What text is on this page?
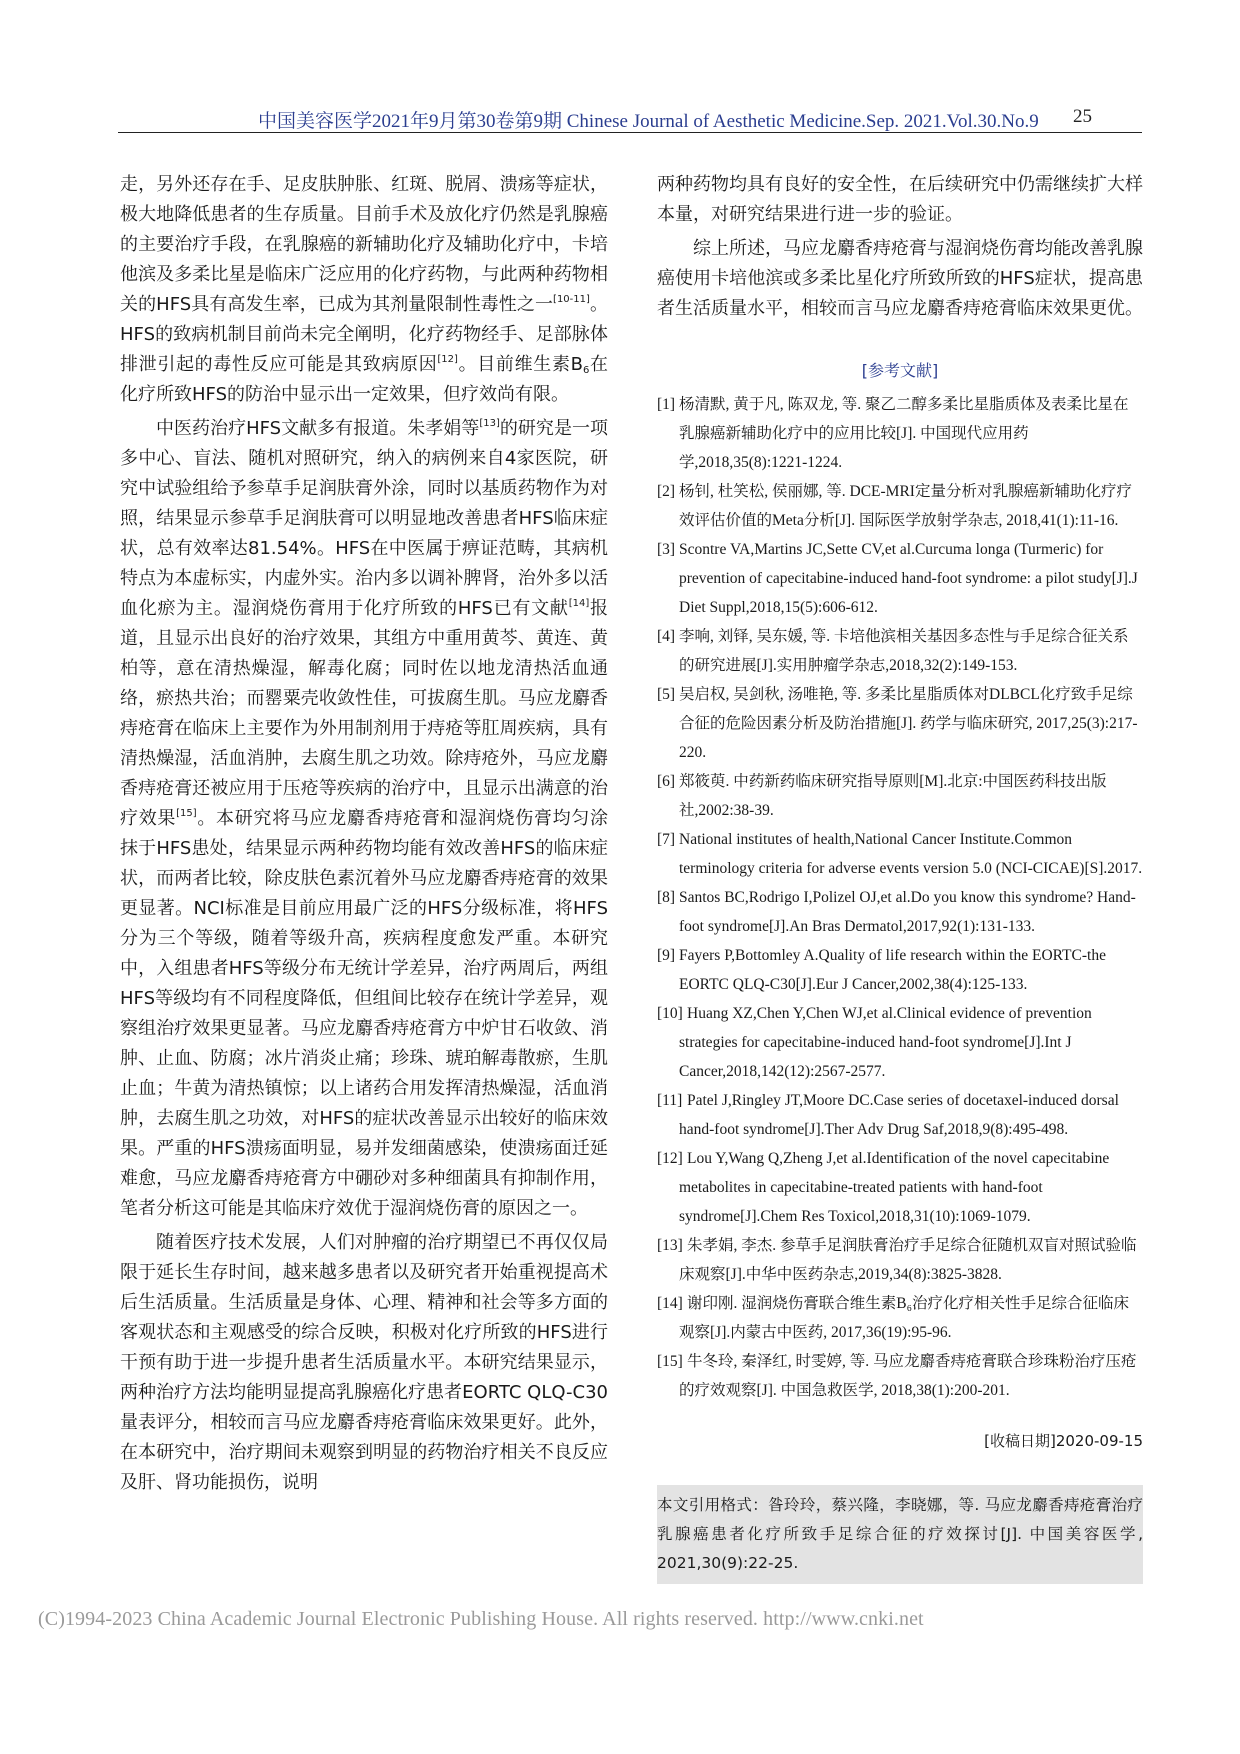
中国美容医学2021年9月第30卷第9期 Chinese Journal of Aesthetic Medicine.Sep. 2021.Vol.30.No.9 25

走，另外还存在手、足皮肤肿胀、红斑、脱屑、溃疡等症状，极大地降低患者的生存质量。目前手术及放化疗仍然是乳腺癌的主要治疗手段，在乳腺癌的新辅助化疗及辅助化疗中，卡培他滨及多柔比星是临床广泛应用的化疗药物，与此两种药物相关的HFS具有高发生率，已成为其剂量限制性毒性之一[10-11]。HFS的致病机制目前尚未完全阐明，化疗药物经手、足部脉体排泄引起的毒性反应可能是其致病原因[12]。目前维生素$B_6$在化疗所致HFS的防治中显示出一定效果，但疗效尚有限。

中医药治疗HFS文献多有报道。朱孝娟等[13]的研究是一项多中心、盲法、随机对照研究，纳入的病例来自4家医院，研究中试验组给予参草手足润肤膏外涂，同时以基质药物作为对照，结果显示参草手足润肤膏可以明显地改善患者HFS临床症状，总有效率达81.54%。HFS在中医属于痹证范畴，其病机特点为本虚标实，内虚外实。治内多以调补脾肾，治外多以活血化瘀为主。湿润烧伤膏用于化疗所致的HFS已有文献[14]报道，且显示出良好的治疗效果，其组方中重用黄芩、黄连、黄柏等，意在清热燥湿，解毒化腐；同时佐以地龙清热活血通络，瘀热共治；而罂粟壳收敛性佳，可拔腐生肌。马应龙麝香痔疮膏在临床上主要作为外用制剂用于痔疮等肛周疾病，具有清热燥湿，活血消肿，去腐生肌之功效。除痔疮外，马应龙麝香痔疮膏还被应用于压疮等疾病的治疗中，且显示出满意的治疗效果[15]。本研究将马应龙麝香痔疮膏和湿润烧伤膏均匀涂抹于HFS患处，结果显示两种药物均能有效改善HFS的临床症状，而两者比较，除皮肤色素沉着外马应龙麝香痔疮膏的效果更显著。NCI标准是目前应用最广泛的HFS分级标准，将HFS分为三个等级，随着等级升高，疾病程度愈发严重。本研究中，入组患者HFS等级分布无统计学差异，治疗两周后，两组HFS等级均有不同程度降低，但组间比较存在统计学差异，观察组治疗效果更显著。马应龙麝香痔疮膏方中炉甘石收敛、消肿、止血、防腐；冰片消炎止痛；珍珠、琥珀解毒散瘀，生肌止血；牛黄为清热镇惊；以上诸药合用发挥清热燥湿，活血消肿，去腐生肌之功效，对HFS的症状改善显示出较好的临床效果。严重的HFS溃疡面明显，易并发细菌感染，使溃疡面迁延难愈，马应龙麝香痔疮膏方中硼砂对多种细菌具有抑制作用，笔者分析这可能是其临床疗效优于湿润烧伤膏的原因之一。

随着医疗技术发展，人们对肿瘤的治疗期望已不再仅仅局限于延长生存时间，越来越多患者以及研究者开始重视提高术后生活质量。生活质量是身体、心理、精神和社会等多方面的客观状态和主观感受的综合反映，积极对化疗所致的HFS进行干预有助于进一步提升患者生活质量水平。本研究结果显示，两种治疗方法均能明显提高乳腺癌化疗患者EORTC QLQ-C30量表评分，相较而言马应龙麝香痔疮膏临床效果更好。此外，在本研究中，治疗期间未观察到明显的药物治疗相关不良反应及肝、肾功能损伤，说明

两种药物均具有良好的安全性，在后续研究中仍需继续扩大样本量，对研究结果进行进一步的验证。

综上所述，马应龙麝香痔疮膏与湿润烧伤膏均能改善乳腺癌使用卡培他滨或多柔比星化疗所致所致的HFS症状，提高患者生活质量水平，相较而言马应龙麝香痔疮膏临床效果更优。

[参考文献]
[1] 杨清默, 黄于凡, 陈双龙, 等. 聚乙二醇多柔比星脂质体及表柔比星在乳腺癌新辅助化疗中的应用比较[J]. 中国现代应用药学,2018,35(8):1221-1224.
[2] 杨钊, 杜笑松, 侯丽娜, 等. DCE-MRI定量分析对乳腺癌新辅助化疗疗效评估价值的Meta分析[J]. 国际医学放射学杂志, 2018,41(1):11-16.
[3] Scontre VA,Martins JC,Sette CV,et al.Curcuma longa (Turmeric) for prevention of capecitabine-induced hand-foot syndrome: a pilot study[J].J Diet Suppl,2018,15(5):606-612.
[4] 李响, 刘铎, 吴东媛, 等. 卡培他滨相关基因多态性与手足综合征关系的研究进展[J].实用肿瘤学杂志,2018,32(2):149-153.
[5] 吴启权, 吴剑秋, 汤唯艳, 等. 多柔比星脂质体对DLBCL化疗致手足综合征的危险因素分析及防治措施[J]. 药学与临床研究, 2017,25(3):217-220.
[6] 郑筱萸. 中药新药临床研究指导原则[M].北京:中国医药科技出版社,2002:38-39.
[7] National institutes of health,National Cancer Institute.Common terminology criteria for adverse events version 5.0 (NCI-CICAE)[S].2017.
[8] Santos BC,Rodrigo I,Polizel OJ,et al.Do you know this syndrome? Hand-foot syndrome[J].An Bras Dermatol,2017,92(1):131-133.
[9] Fayers P,Bottomley A.Quality of life research within the EORTC-the EORTC QLQ-C30[J].Eur J Cancer,2002,38(4):125-133.
[10] Huang XZ,Chen Y,Chen WJ,et al.Clinical evidence of prevention strategies for capecitabine-induced hand-foot syndrome[J].Int J Cancer,2018,142(12):2567-2577.
[11] Patel J,Ringley JT,Moore DC.Case series of docetaxel-induced dorsal hand-foot syndrome[J].Ther Adv Drug Saf,2018,9(8):495-498.
[12] Lou Y,Wang Q,Zheng J,et al.Identification of the novel capecitabine metabolites in capecitabine-treated patients with hand-foot syndrome[J].Chem Res Toxicol,2018,31(10):1069-1079.
[13] 朱孝娟, 李杰. 参草手足润肤膏治疗手足综合征随机双盲对照试验临床观察[J].中华中医药杂志,2019,34(8):3825-3828.
[14] 谢印刚. 湿润烧伤膏联合维生素B₆治疗化疗相关性手足综合征临床观察[J].内蒙古中医药, 2017,36(19):95-96.
[15] 牛冬玲, 秦泽红, 时雯婷, 等. 马应龙麝香痔疮膏联合珍珠粉治疗压疮的疗效观察[J]. 中国急救医学, 2018,38(1):200-201.
[收稿日期]2020-09-15
本文引用格式：昝玲玲，蔡兴隆，李晓娜，等. 马应龙麝香痔疮膏治疗乳腺癌患者化疗所致手足综合征的疗效探讨[J]. 中国美容医学, 2021,30(9):22-25.
(C)1994-2023 China Academic Journal Electronic Publishing House. All rights reserved. http://www.cnki.net
